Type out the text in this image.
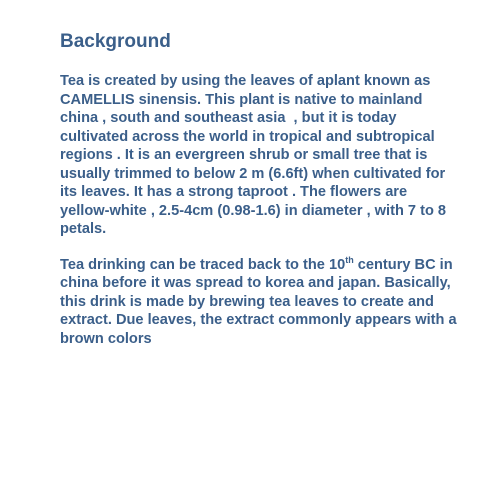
Background

Tea is created by using the leaves of aplant known as CAMELLIS sinensis. This plant is native to mainland china , south and southeast asia  , but it is today cultivated across the world in tropical and subtropical regions . It is an evergreen shrub or small tree that is usually trimmed to below 2 m (6.6ft) when cultivated for its leaves. It has a strong taproot . The flowers are yellow-white , 2.5-4cm (0.98-1.6) in diameter , with 7 to 8 petals.

Tea drinking can be traced back to the 10th century BC in china before it was spread to korea and japan. Basically, this drink is made by brewing tea leaves to create and extract. Due leaves, the extract commonly appears with a brown colors
